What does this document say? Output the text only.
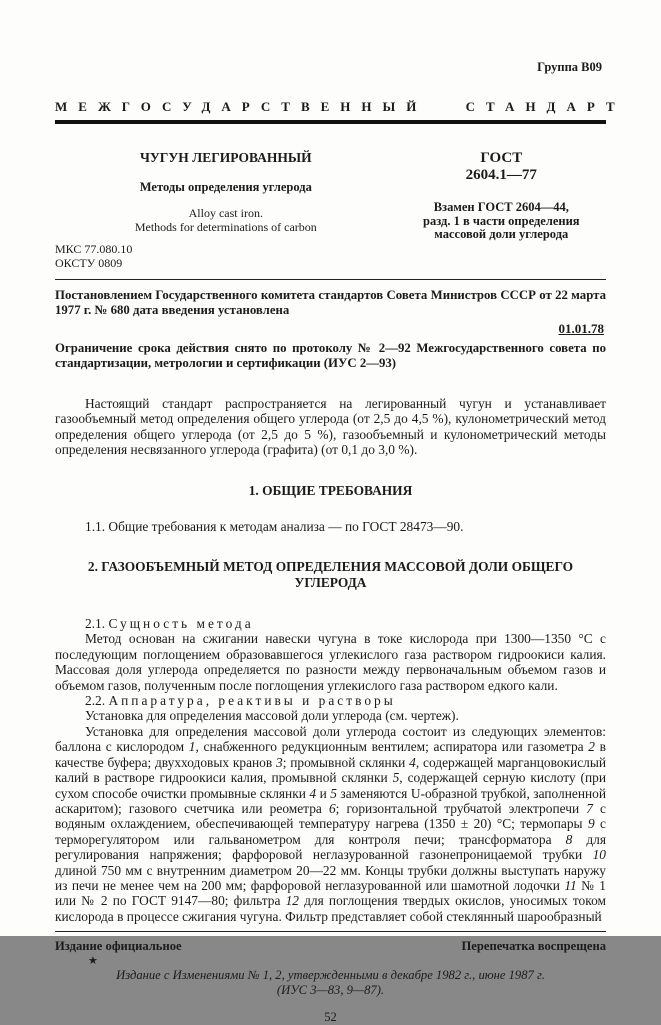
Группа В09
МЕЖГОСУДАРСТВЕННЫЙ СТАНДАРТ
ЧУГУН ЛЕГИРОВАННЫЙ
Методы определения углерода
Alloy cast iron.
Methods for determinations of carbon
МКС 77.080.10
ОКСТУ 0809
ГОСТ
2604.1—77
Взамен ГОСТ 2604—44,
разд. 1 в части определения
массовой доли углерода

Постановлением Государственного комитета стандартов Совета Министров СССР от 22 марта 1977 г. № 680 дата введения установлена

01.01.78

Ограничение срока действия снято по протоколу № 2—92 Межгосударственного совета по стандартизации, метрологии и сертификации (ИУС 2—93)

Настоящий стандарт распространяется на легированный чугун и устанавливает газообъемный метод определения общего углерода (от 2,5 до 4,5 %), кулонометрический метод определения общего углерода (от 2,5 до 5 %), газообъемный и кулонометрический методы определения несвязанного углерода (графита) (от 0,1 до 3,0 %).

1. ОБЩИЕ ТРЕБОВАНИЯ

1.1. Общие требования к методам анализа — по ГОСТ 28473—90.

2. ГАЗООБЪЕМНЫЙ МЕТОД ОПРЕДЕЛЕНИЯ МАССОВОЙ ДОЛИ ОБЩЕГО УГЛЕРОДА

2.1. Сущность метода

Метод основан на сжигании навески чугуна в токе кислорода при 1300—1350 °С с последующим поглощением образовавшегося углекислого газа раствором гидроокиси калия. Массовая доля углерода определяется по разности между первоначальным объемом газов и объемом газов, полученным после поглощения углекислого газа раствором едкого кали.

2.2. Аппаратура, реактивы и растворы

Установка для определения массовой доли углерода (см. чертеж).

Установка для определения массовой доли углерода состоит из следующих элементов: баллона с кислородом 1, снабженного редукционным вентилем; аспиратора или газометра 2 в качестве буфера; двухходовых кранов 3; промывной склянки 4, содержащей марганцовокислый калий в растворе гидроокиси калия, промывной склянки 5, содержащей серную кислоту (при сухом способе очистки промывные склянки 4 и 5 заменяются U-образной трубкой, заполненной аскаритом); газового счетчика или реометра 6; горизонтальной трубчатой электропечи 7 с водяным охлаждением, обеспечивающей температуру нагрева (1350 ± 20) °С; термопары 9 с терморегулятором или гальванометром для контроля печи; трансформатора 8 для регулирования напряжения; фарфоровой неглазурованной газонепроницаемой трубки 10 длиной 750 мм с внутренним диаметром 20—22 мм. Концы трубки должны выступать наружу из печи не менее чем на 200 мм; фарфоровой неглазурованной или шамотной лодочки 11 № 1 или № 2 по ГОСТ 9147—80; фильтра 12 для поглощения твердых окислов, уносимых током кислорода в процессе сжигания чугуна. Фильтр представляет собой стеклянный шарообразный

Издание официальное	Перепечатка воспрещена
★
Издание с Изменениями № 1, 2, утвержденными в декабре 1982 г., июне 1987 г.
(ИУС 3—83, 9—87).
52
